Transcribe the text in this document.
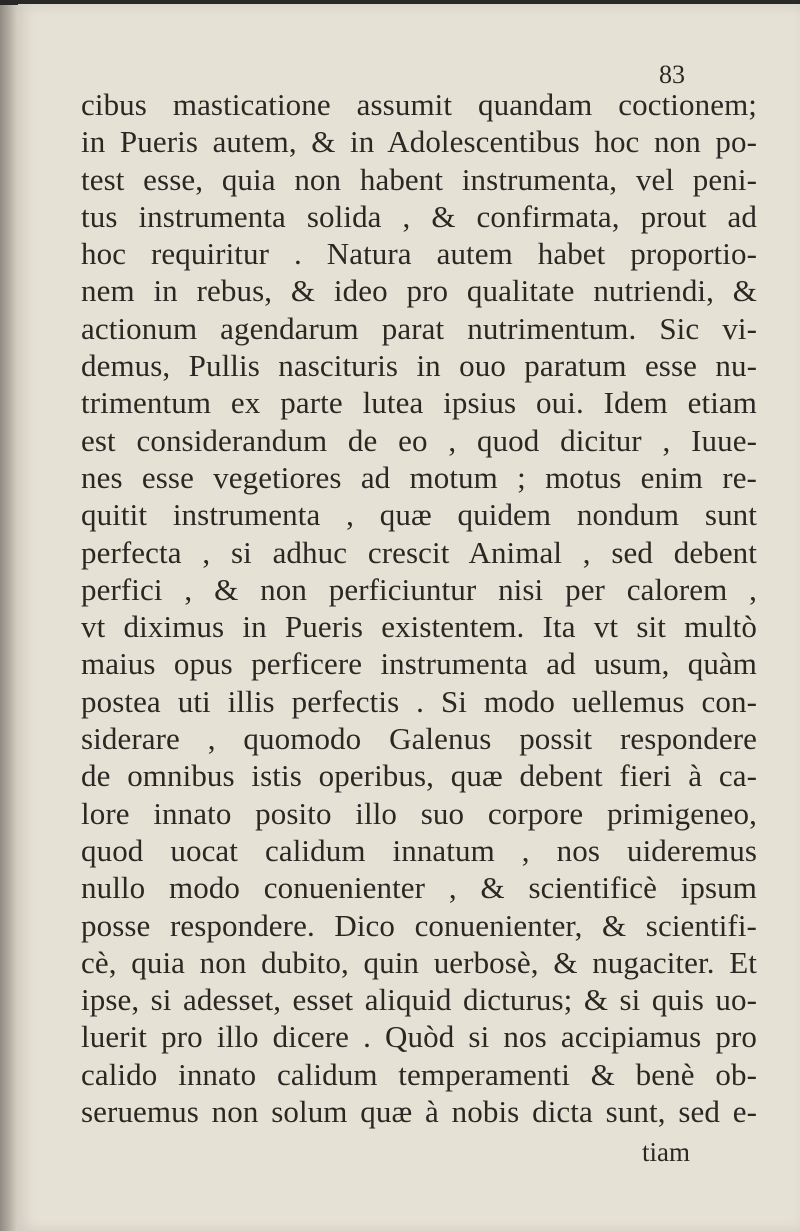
83
cibus masticatione assumit quandam coctionem;
in Pueris autem, & in Adolescentibus hoc non po-
test esse, quia non habent instrumenta, vel peni-
tus instrumenta solida , & confirmata, prout ad
hoc requiritur . Natura autem habet proportio-
nem in rebus, & ideo pro qualitate nutriendi, &
actionum agendarum parat nutrimentum. Sic vi-
demus, Pullis nascituris in ouo paratum esse nu-
trimentum ex parte lutea ipsius oui. Idem etiam
est considerandum de eo , quod dicitur , Iuue-
nes esse vegetiores ad motum ; motus enim re-
quitit instrumenta , quæ quidem nondum sunt
perfecta , si adhuc crescit Animal , sed debent
perfici , & non perficiuntur nisi per calorem ,
vt diximus in Pueris existentem. Ita vt sit multò
maius opus perficere instrumenta ad usum, quàm
postea uti illis perfectis . Si modo uellemus con-
siderare , quomodo Galenus possit respondere
de omnibus istis operibus, quæ debent fieri à ca-
lore innato posito illo suo corpore primigeneo,
quod uocat calidum innatum , nos uideremus
nullo modo conuenienter , & scientificè ipsum
posse respondere. Dico conuenienter, & scientifi-
cè, quia non dubito, quin uerbosè, & nugaciter. Et
ipse, si adesset, esset aliquid dicturus; & si quis uo-
luerit pro illo dicere . Quòd si nos accipiamus pro
calido innato calidum temperamenti & benè ob-
seruemus non solum quæ à nobis dicta sunt, sed e-
tiam
